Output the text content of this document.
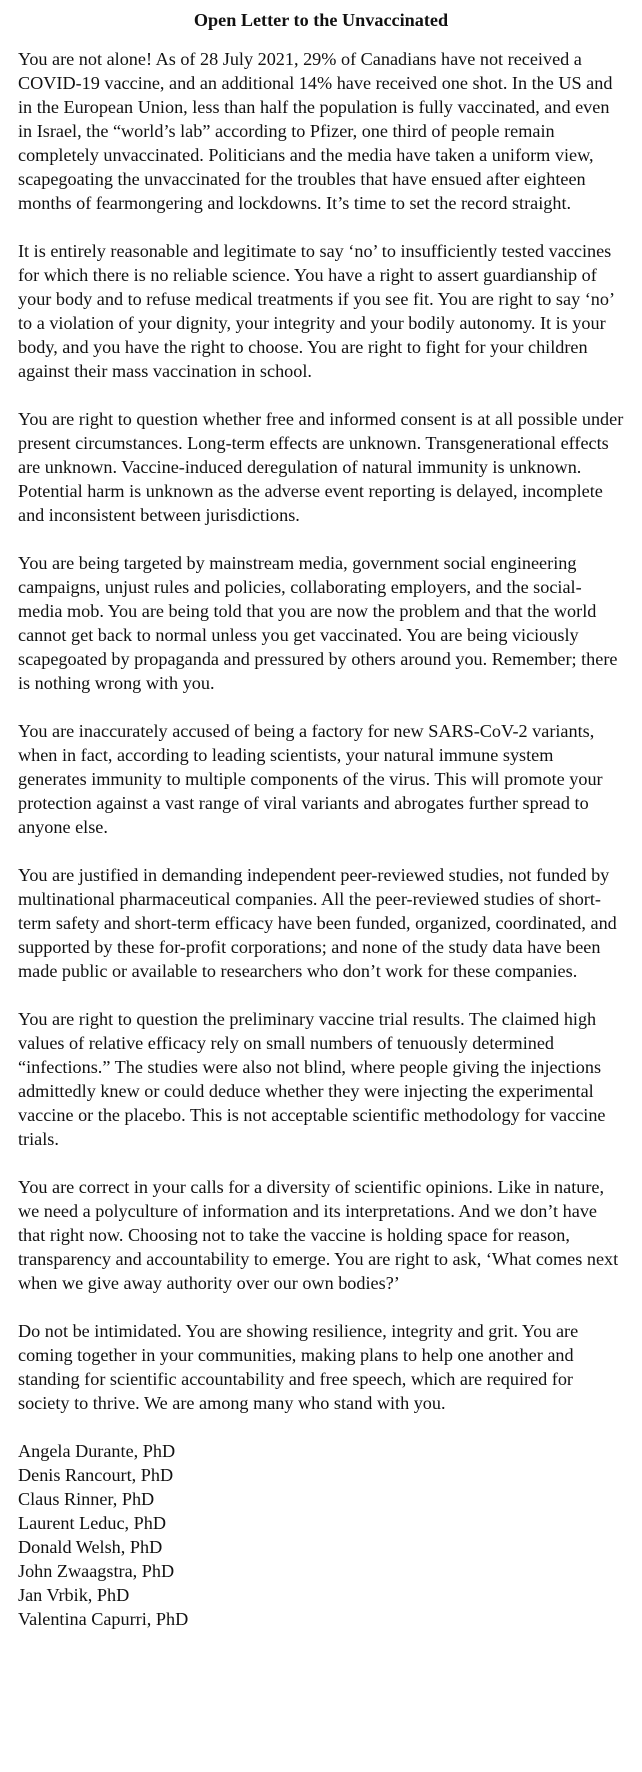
Open Letter to the Unvaccinated

You are not alone! As of 28 July 2021, 29% of Canadians have not received a COVID-19 vaccine, and an additional 14% have received one shot. In the US and in the European Union, less than half the population is fully vaccinated, and even in Israel, the “world’s lab” according to Pfizer, one third of people remain completely unvaccinated. Politicians and the media have taken a uniform view, scapegoating the unvaccinated for the troubles that have ensued after eighteen months of fearmongering and lockdowns. It’s time to set the record straight.

It is entirely reasonable and legitimate to say ‘no’ to insufficiently tested vaccines for which there is no reliable science. You have a right to assert guardianship of your body and to refuse medical treatments if you see fit. You are right to say ‘no’ to a violation of your dignity, your integrity and your bodily autonomy. It is your body, and you have the right to choose. You are right to fight for your children against their mass vaccination in school.

You are right to question whether free and informed consent is at all possible under present circumstances. Long-term effects are unknown. Transgenerational effects are unknown. Vaccine-induced deregulation of natural immunity is unknown. Potential harm is unknown as the adverse event reporting is delayed, incomplete and inconsistent between jurisdictions.

You are being targeted by mainstream media, government social engineering campaigns, unjust rules and policies, collaborating employers, and the social-media mob. You are being told that you are now the problem and that the world cannot get back to normal unless you get vaccinated. You are being viciously scapegoated by propaganda and pressured by others around you. Remember; there is nothing wrong with you.

You are inaccurately accused of being a factory for new SARS-CoV-2 variants, when in fact, according to leading scientists, your natural immune system generates immunity to multiple components of the virus. This will promote your protection against a vast range of viral variants and abrogates further spread to anyone else.

You are justified in demanding independent peer-reviewed studies, not funded by multinational pharmaceutical companies. All the peer-reviewed studies of short-term safety and short-term efficacy have been funded, organized, coordinated, and supported by these for-profit corporations; and none of the study data have been made public or available to researchers who don’t work for these companies.

You are right to question the preliminary vaccine trial results. The claimed high values of relative efficacy rely on small numbers of tenuously determined “infections.” The studies were also not blind, where people giving the injections admittedly knew or could deduce whether they were injecting the experimental vaccine or the placebo. This is not acceptable scientific methodology for vaccine trials.

You are correct in your calls for a diversity of scientific opinions. Like in nature, we need a polyculture of information and its interpretations. And we don’t have that right now. Choosing not to take the vaccine is holding space for reason, transparency and accountability to emerge. You are right to ask, ‘What comes next when we give away authority over our own bodies?’

Do not be intimidated. You are showing resilience, integrity and grit. You are coming together in your communities, making plans to help one another and standing for scientific accountability and free speech, which are required for society to thrive. We are among many who stand with you.

Angela Durante, PhD
Denis Rancourt, PhD
Claus Rinner, PhD
Laurent Leduc, PhD
Donald Welsh, PhD
John Zwaagstra, PhD
Jan Vrbik, PhD
Valentina Capurri, PhD
